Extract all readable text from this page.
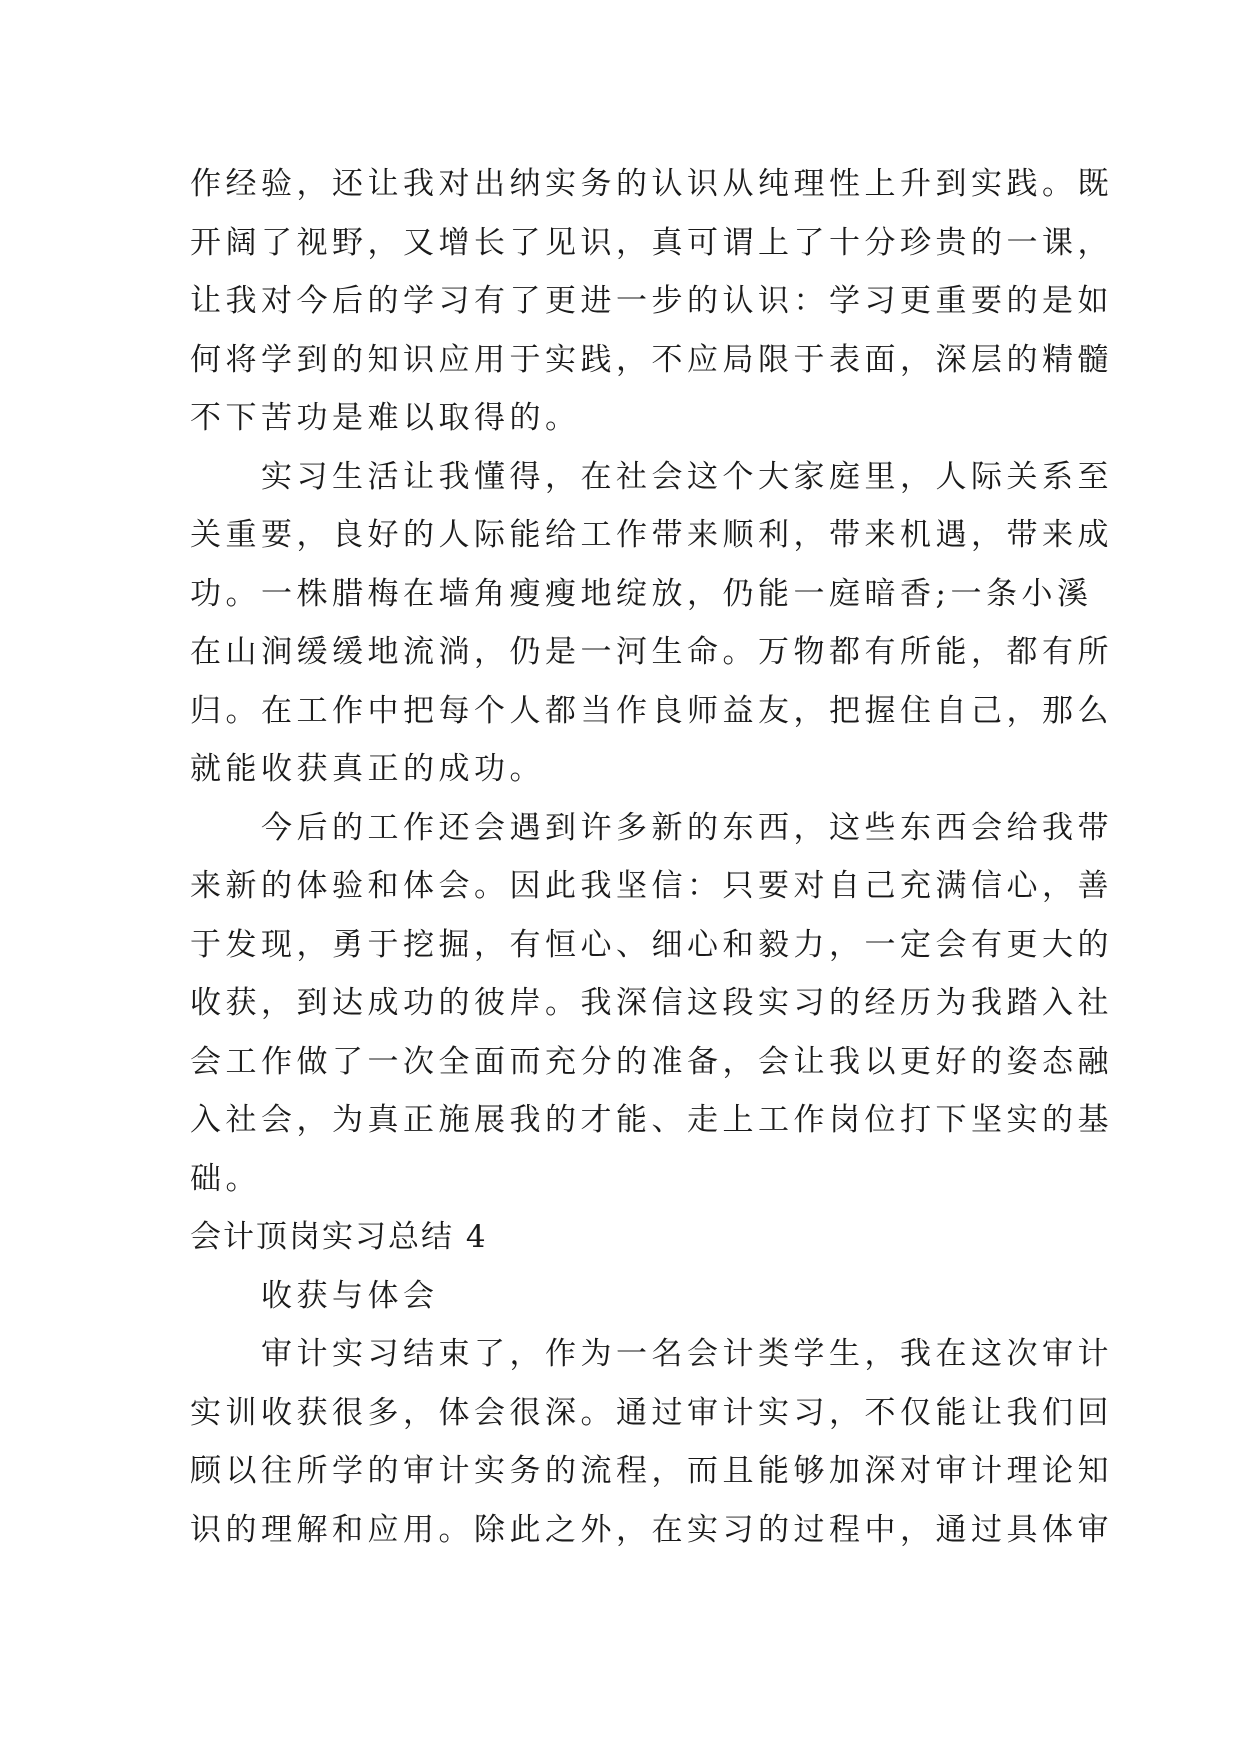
作经验，还让我对出纳实务的认识从纯理性上升到实践。既
开阔了视野，又增长了见识，真可谓上了十分珍贵的一课，
让我对今后的学习有了更进一步的认识：学习更重要的是如
何将学到的知识应用于实践，不应局限于表面，深层的精髓
不下苦功是难以取得的。
　　实习生活让我懂得，在社会这个大家庭里，人际关系至
关重要，良好的人际能给工作带来顺利，带来机遇，带来成
功。一株腊梅在墙角瘦瘦地绽放，仍能一庭暗香;一条小溪
在山涧缓缓地流淌，仍是一河生命。万物都有所能，都有所
归。在工作中把每个人都当作良师益友，把握住自己，那么
就能收获真正的成功。
　　今后的工作还会遇到许多新的东西，这些东西会给我带
来新的体验和体会。因此我坚信：只要对自己充满信心，善
于发现，勇于挖掘，有恒心、细心和毅力，一定会有更大的
收获，到达成功的彼岸。我深信这段实习的经历为我踏入社
会工作做了一次全面而充分的准备，会让我以更好的姿态融
入社会，为真正施展我的才能、走上工作岗位打下坚实的基
础。
会计顶岗实习总结 4
　　收获与体会
　　审计实习结束了，作为一名会计类学生，我在这次审计
实训收获很多，体会很深。通过审计实习，不仅能让我们回
顾以往所学的审计实务的流程，而且能够加深对审计理论知
识的理解和应用。除此之外，在实习的过程中，通过具体审
